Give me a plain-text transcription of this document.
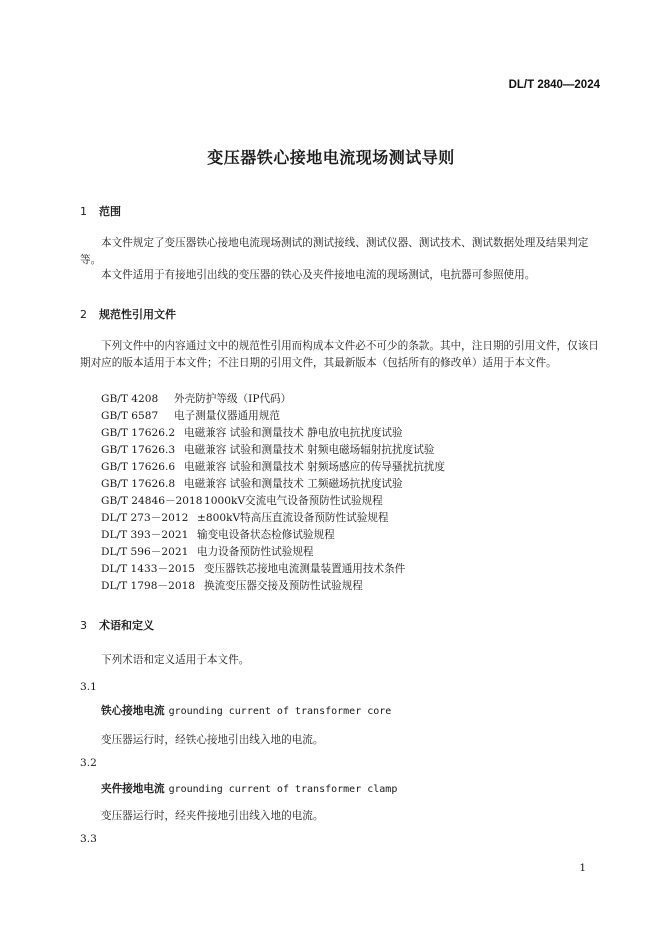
DL/T 2840—2024
变压器铁心接地电流现场测试导则
1 范围
本文件规定了变压器铁心接地电流现场测试的测试接线、测试仪器、测试技术、测试数据处理及结果判定等。
本文件适用于有接地引出线的变压器的铁心及夹件接地电流的现场测试，电抗器可参照使用。
2 规范性引用文件
下列文件中的内容通过文中的规范性引用而构成本文件必不可少的条款。其中，注日期的引用文件，仅该日期对应的版本适用于本文件；不注日期的引用文件，其最新版本（包括所有的修改单）适用于本文件。
GB/T 4208 外壳防护等级（IP代码）
GB/T 6587 电子测量仪器通用规范
GB/T 17626.2 电磁兼容 试验和测量技术 静电放电抗扰度试验
GB/T 17626.3 电磁兼容 试验和测量技术 射频电磁场辐射抗扰度试验
GB/T 17626.6 电磁兼容 试验和测量技术 射频场感应的传导骚扰抗扰度
GB/T 17626.8 电磁兼容 试验和测量技术 工频磁场抗扰度试验
GB/T 24846－20181000kV交流电气设备预防性试验规程
DL/T 273－2012 ±800kV特高压直流设备预防性试验规程
DL/T 393－2021 输变电设备状态检修试验规程
DL/T 596－2021 电力设备预防性试验规程
DL/T 1433－2015 变压器铁芯接地电流测量装置通用技术条件
DL/T 1798－2018 换流变压器交接及预防性试验规程
3 术语和定义
下列术语和定义适用于本文件。
3.1
铁心接地电流 grounding current of transformer core
变压器运行时，经铁心接地引出线入地的电流。
3.2
夹件接地电流 grounding current of transformer clamp
变压器运行时，经夹件接地引出线入地的电流。
3.3
1
